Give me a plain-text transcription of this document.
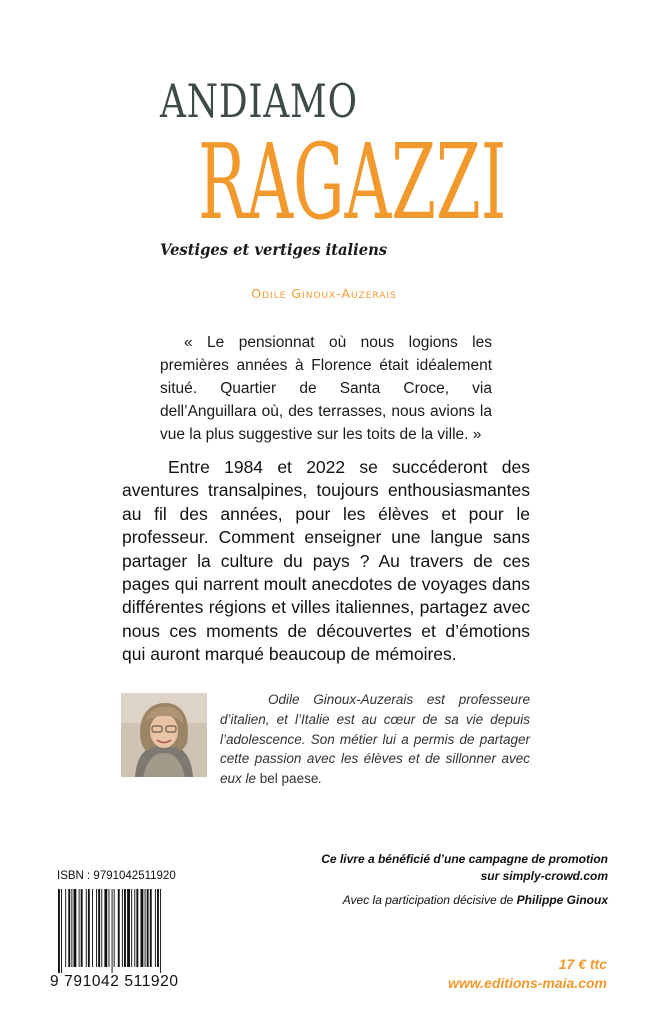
ANDIAMO
RAGAZZI
Vestiges et vertiges italiens
Odile Ginoux-Auzerais

« Le pensionnat où nous logions les premières années à Florence était idéalement situé. Quartier de Santa Croce, via dell’Anguillara où, des terrasses, nous avions la vue la plus suggestive sur les toits de la ville. »

Entre 1984 et 2022 se succéderont des aventures transalpines, toujours enthousiasmantes au fil des années, pour les élèves et pour le professeur. Comment enseigner une langue sans partager la culture du pays ? Au travers de ces pages qui narrent moult anecdotes de voyages dans différentes régions et villes italiennes, partagez avec nous ces moments de découvertes et d’émotions qui auront marqué beaucoup de mémoires.

Odile Ginoux-Auzerais est professeure d’italien, et l’Italie est au cœur de sa vie depuis l’adolescence. Son métier lui a permis de partager cette passion avec les élèves et de sillonner avec eux le bel paese.

Ce livre a bénéficié d’une campagne de promotion
sur simply-crowd.com
Avec la participation décisive de Philippe Ginoux
ISBN : 9791042511920
9 791042 511920
17 € ttc
www.editions-maia.com
